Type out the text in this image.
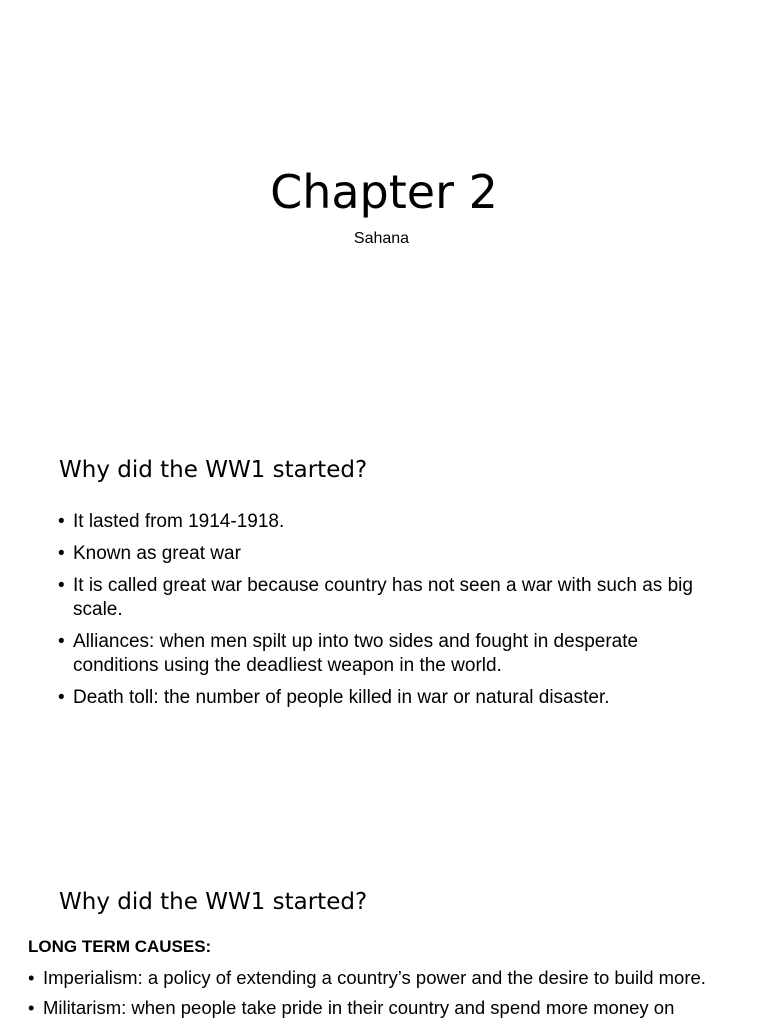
Chapter 2
Sahana
Why did the WW1 started?
• It lasted from 1914-1918.
• Known as great war
• It is called great war because country has not seen a war with such as big scale.
• Alliances: when men spilt up into two sides and fought in desperate conditions using the deadliest weapon in the world.
• Death toll: the number of people killed in war or natural disaster.
Why did the WW1 started?
LONG TERM CAUSES:
• Imperialism: a policy of extending a country’s power and the desire to build more.
• Militarism: when people take pride in their country and spend more money on
